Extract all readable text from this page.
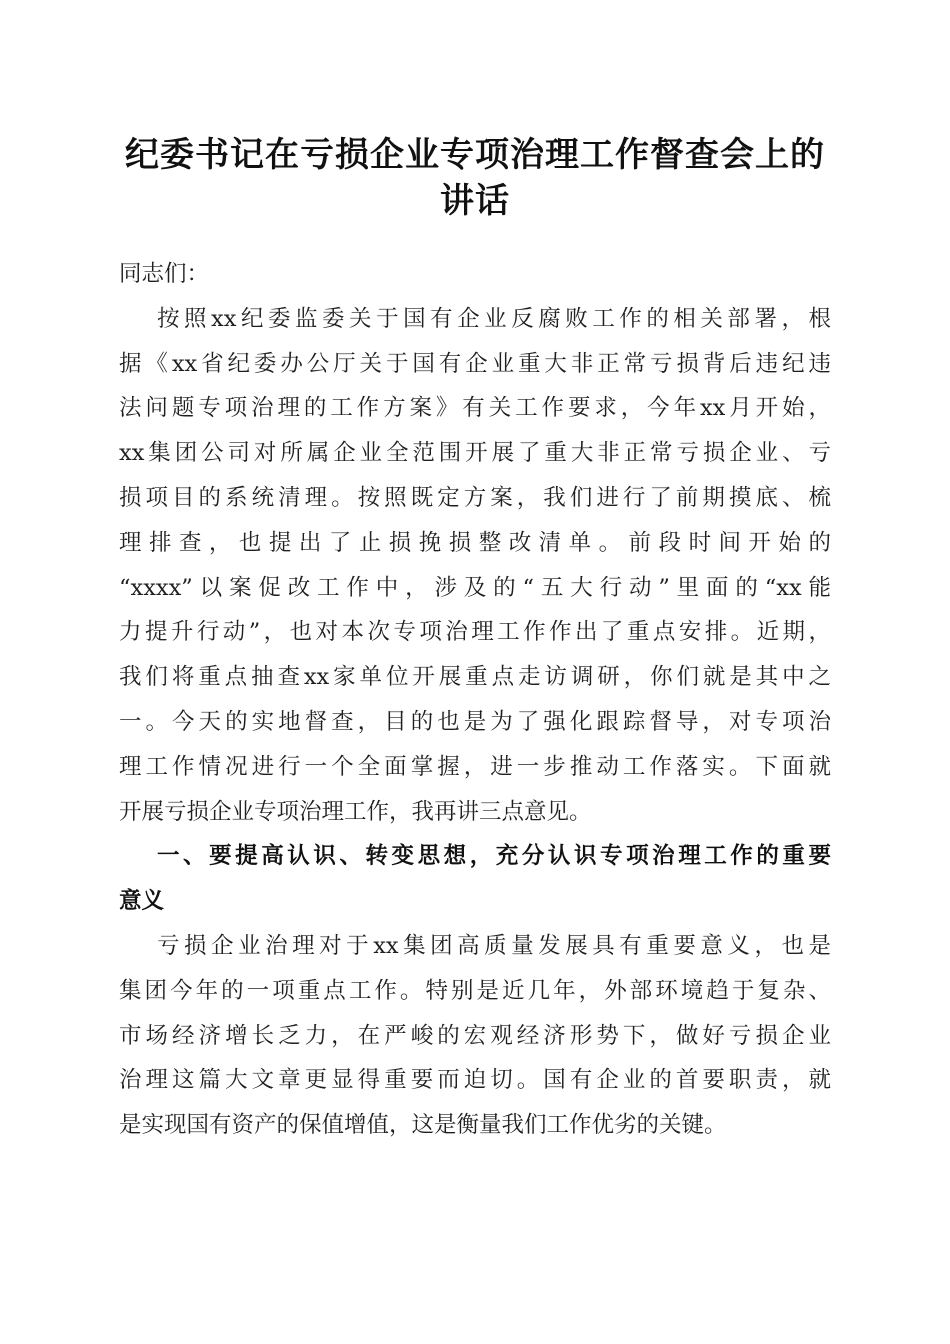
纪委书记在亏损企业专项治理工作督查会上的
讲话
同志们：
按照xx纪委监委关于国有企业反腐败工作的相关部署，根
据《xx省纪委办公厅关于国有企业重大非正常亏损背后违纪违
法问题专项治理的工作方案》有关工作要求，今年xx月开始，
xx集团公司对所属企业全范围开展了重大非正常亏损企业、亏
损项目的系统清理。按照既定方案，我们进行了前期摸底、梳
理排查，也提出了止损挽损整改清单。前段时间开始的
“xxxx”以案促改工作中，涉及的“五大行动”里面的“xx能
力提升行动”，也对本次专项治理工作作出了重点安排。近期，
我们将重点抽查xx家单位开展重点走访调研，你们就是其中之
一。今天的实地督查，目的也是为了强化跟踪督导，对专项治
理工作情况进行一个全面掌握，进一步推动工作落实。下面就
开展亏损企业专项治理工作，我再讲三点意见。
一、要提高认识、转变思想，充分认识专项治理工作的重要
意义
亏损企业治理对于xx集团高质量发展具有重要意义，也是
集团今年的一项重点工作。特别是近几年，外部环境趋于复杂、
市场经济增长乏力，在严峻的宏观经济形势下，做好亏损企业
治理这篇大文章更显得重要而迫切。国有企业的首要职责，就
是实现国有资产的保值增值，这是衡量我们工作优劣的关键。
